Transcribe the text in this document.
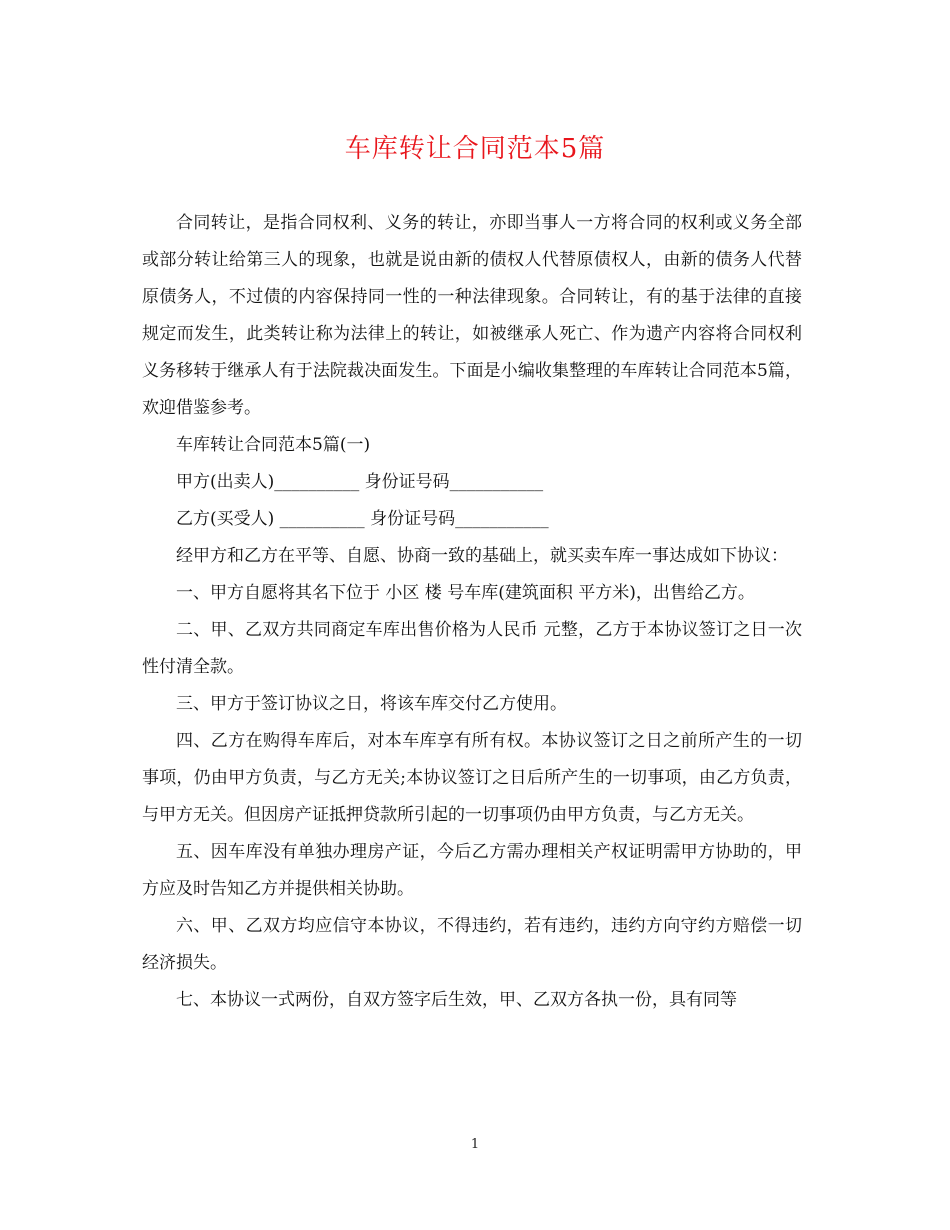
车库转让合同范本5篇

合同转让，是指合同权利、义务的转让，亦即当事人一方将合同的权利或义务全部或部分转让给第三人的现象，也就是说由新的债权人代替原债权人，由新的债务人代替原债务人，不过债的内容保持同一性的一种法律现象。合同转让，有的基于法律的直接规定而发生，此类转让称为法律上的转让，如被继承人死亡、作为遗产内容将合同权利义务移转于继承人有于法院裁决面发生。下面是小编收集整理的车库转让合同范本5篇，欢迎借鉴参考。

车库转让合同范本5篇(一)

甲方(出卖人)__________ 身份证号码___________

乙方(买受人) __________ 身份证号码___________

经甲方和乙方在平等、自愿、协商一致的基础上，就买卖车库一事达成如下协议：

一、甲方自愿将其名下位于 小区 楼 号车库(建筑面积 平方米)，出售给乙方。

二、甲、乙双方共同商定车库出售价格为人民币 元整，乙方于本协议签订之日一次性付清全款。

三、甲方于签订协议之日，将该车库交付乙方使用。

四、乙方在购得车库后，对本车库享有所有权。本协议签订之日之前所产生的一切事项，仍由甲方负责，与乙方无关;本协议签订之日后所产生的一切事项，由乙方负责，与甲方无关。但因房产证抵押贷款所引起的一切事项仍由甲方负责，与乙方无关。

五、因车库没有单独办理房产证，今后乙方需办理相关产权证明需甲方协助的，甲方应及时告知乙方并提供相关协助。

六、甲、乙双方均应信守本协议，不得违约，若有违约，违约方向守约方赔偿一切经济损失。

七、本协议一式两份，自双方签字后生效，甲、乙双方各执一份，具有同等

1
